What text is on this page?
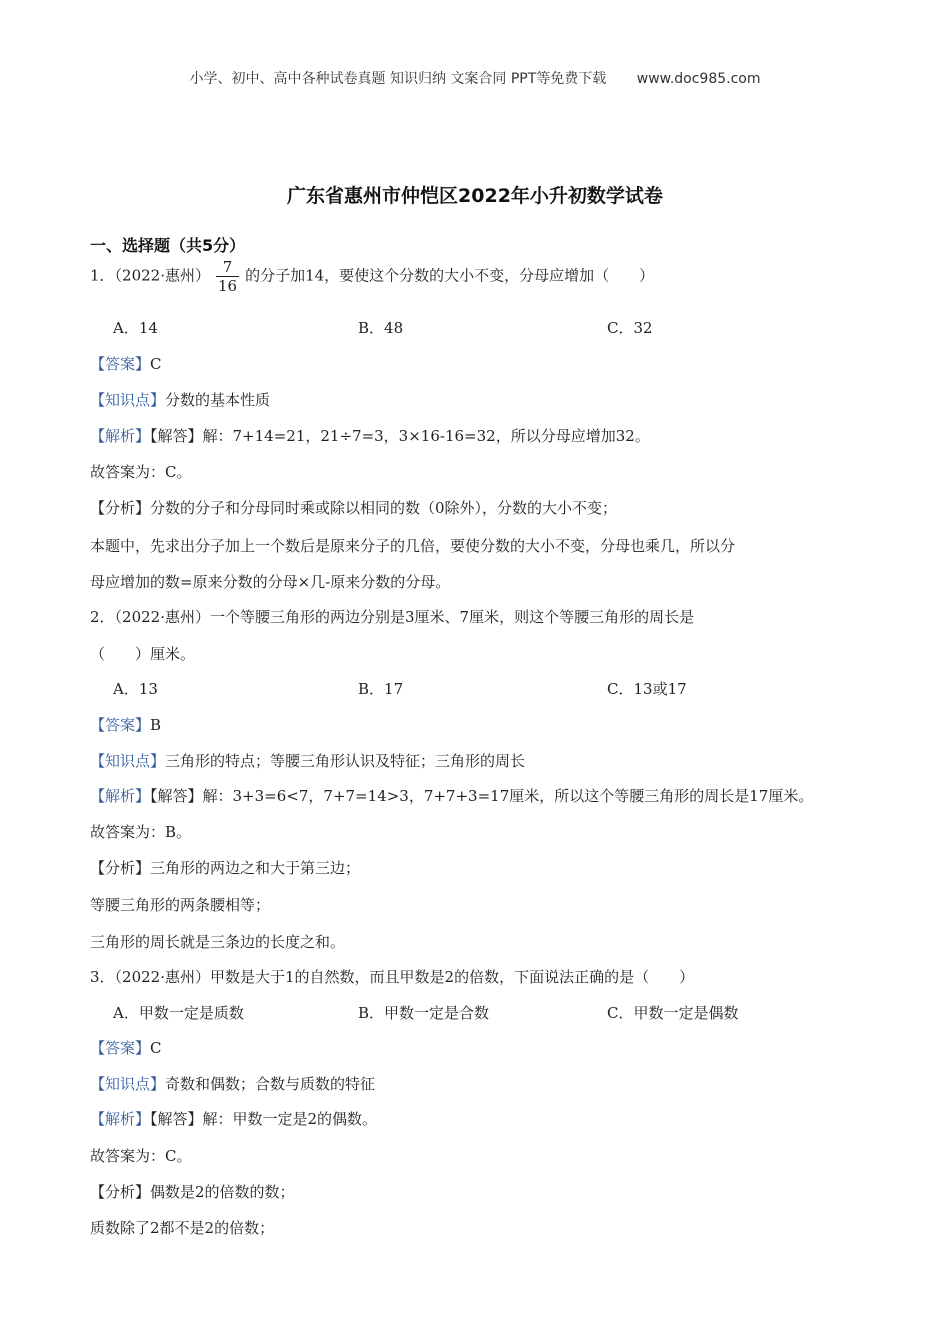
小学、初中、高中各种试卷真题 知识归纳 文案合同 PPT等免费下载 www.doc985.com
广东省惠州市仲恺区2022年小升初数学试卷
一、选择题（共5分）
1．（2022·惠州） $\frac{7}{16}$ 的分子加14，要使这个分数的大小不变，分母应增加（　　）
A．14	B．48	C．32
【答案】C
【知识点】分数的基本性质
【解析】【解答】解：7+14=21，21÷7=3，3×16-16=32，所以分母应增加32。
故答案为：C。
【分析】分数的分子和分母同时乘或除以相同的数（0除外），分数的大小不变；
本题中，先求出分子加上一个数后是原来分子的几倍，要使分数的大小不变，分母也乘几，所以分
母应增加的数=原来分数的分母×几-原来分数的分母。
2．（2022·惠州）一个等腰三角形的两边分别是3厘米、7厘米，则这个等腰三角形的周长是
（　　）厘米。
A．13	B．17	C．13或17
【答案】B
【知识点】三角形的特点；等腰三角形认识及特征；三角形的周长
【解析】【解答】解：3+3=6<7，7+7=14>3，7+7+3=17厘米，所以这个等腰三角形的周长是17厘米。
故答案为：B。
【分析】三角形的两边之和大于第三边；
等腰三角形的两条腰相等；
三角形的周长就是三条边的长度之和。
3．（2022·惠州）甲数是大于1的自然数，而且甲数是2的倍数，下面说法正确的是（　　）
A．甲数一定是质数	B．甲数一定是合数	C．甲数一定是偶数
【答案】C
【知识点】奇数和偶数；合数与质数的特征
【解析】【解答】解：甲数一定是2的偶数。
故答案为：C。
【分析】偶数是2的倍数的数；
质数除了2都不是2的倍数；
